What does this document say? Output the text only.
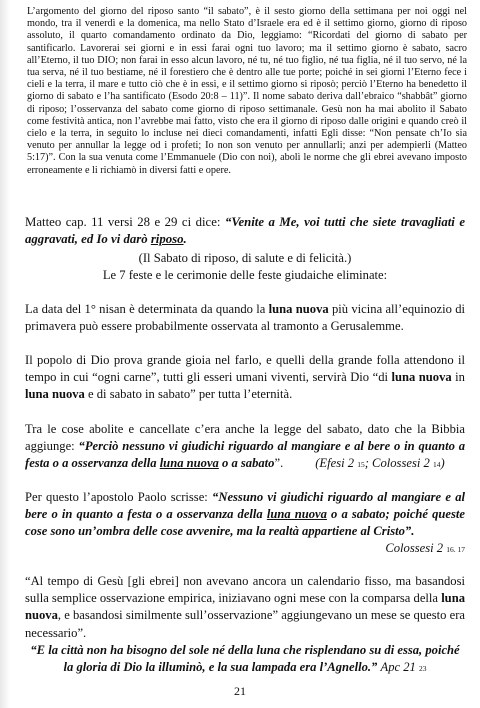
L’argomento del giorno del riposo santo “il sabato”, è il sesto giorno della settimana per noi oggi nel mondo, tra il venerdì e la domenica, ma nello Stato d’Israele era ed è il settimo giorno, giorno di riposo assoluto, il quarto comandamento ordinato da Dio, leggiamo: “Ricordati del giorno di sabato per santificarlo. Lavorerai sei giorni e in essi farai ogni tuo lavoro; ma il settimo giorno è sabato, sacro all’Eterno, il tuo DIO; non farai in esso alcun lavoro, né tu, né tuo figlio, né tua figlia, né il tuo servo, né la tua serva, né il tuo bestiame, né il forestiero che è dentro alle tue porte; poiché in sei giorni l’Eterno fece i cieli e la terra, il mare e tutto ciò che è in essi, e il settimo giorno si riposò; perciò l’Eterno ha benedetto il giorno di sabato e l’ha santificato (Esodo 20:8 – 11)”. Il nome sabato deriva dall’ebraico “shabbât” giorno di riposo; l’osservanza del sabato come giorno di riposo settimanale. Gesù non ha mai abolito il Sabato come festività antica, non l’avrebbe mai fatto, visto che era il giorno di riposo dalle origini e quando creò il cielo e la terra, in seguito lo incluse nei dieci comandamenti, infatti Egli disse: “Non pensate ch’Io sia venuto per annullar la legge od i profeti; Io non son venuto per annullarli; anzi per adempierli (Matteo 5:17)”. Con la sua venuta come l’Emmanuele (Dio con noi), abolì le norme che gli ebrei avevano imposto erroneamente e li richiamò in diversi fatti e opere.
Matteo cap. 11 versi 28 e 29 ci dice: “Venite a Me, voi tutti che siete travagliati e aggravati, ed Io vi darò riposo.
(Il Sabato di riposo, di salute e di felicità.)
Le 7 feste e le cerimonie delle feste giudaiche eliminate:
La data del 1° nisan è determinata da quando la luna nuova più vicina all’equinozio di primavera può essere probabilmente osservata al tramonto a Gerusalemme.
Il popolo di Dio prova grande gioia nel farlo, e quelli della grande folla attendono il tempo in cui “ogni carne”, tutti gli esseri umani viventi, servirà Dio “di luna nuova in luna nuova e di sabato in sabato” per tutta l’eternità.
Tra le cose abolite e cancellate c’era anche la legge del sabato, dato che la Bibbia aggiunge: “Perciò nessuno vi giudichi riguardo al mangiare e al bere o in quanto a festa o a osservanza della luna nuova o a sabato”.	(Efesi 2 15; Colossesi 2 14)
Per questo l’apostolo Paolo scrisse: “Nessuno vi giudichi riguardo al mangiare e al bere o in quanto a festa o a osservanza della luna nuova o a sabato; poiché queste cose sono un’ombra delle cose avvenire, ma la realtà appartiene al Cristo”.
Colossesi 2 16. 17
“Al tempo di Gesù [gli ebrei] non avevano ancora un calendario fisso, ma basandosi sulla semplice osservazione empirica, iniziavano ogni mese con la comparsa della luna nuova, e basandosi similmente sull’osservazione” aggiungevano un mese se questo era necessario”.
“E la città non ha bisogno del sole né della luna che risplendano su di essa, poiché la gloria di Dio la illuminò, e la sua lampada era l’Agnello.” Apc 21 23
21
